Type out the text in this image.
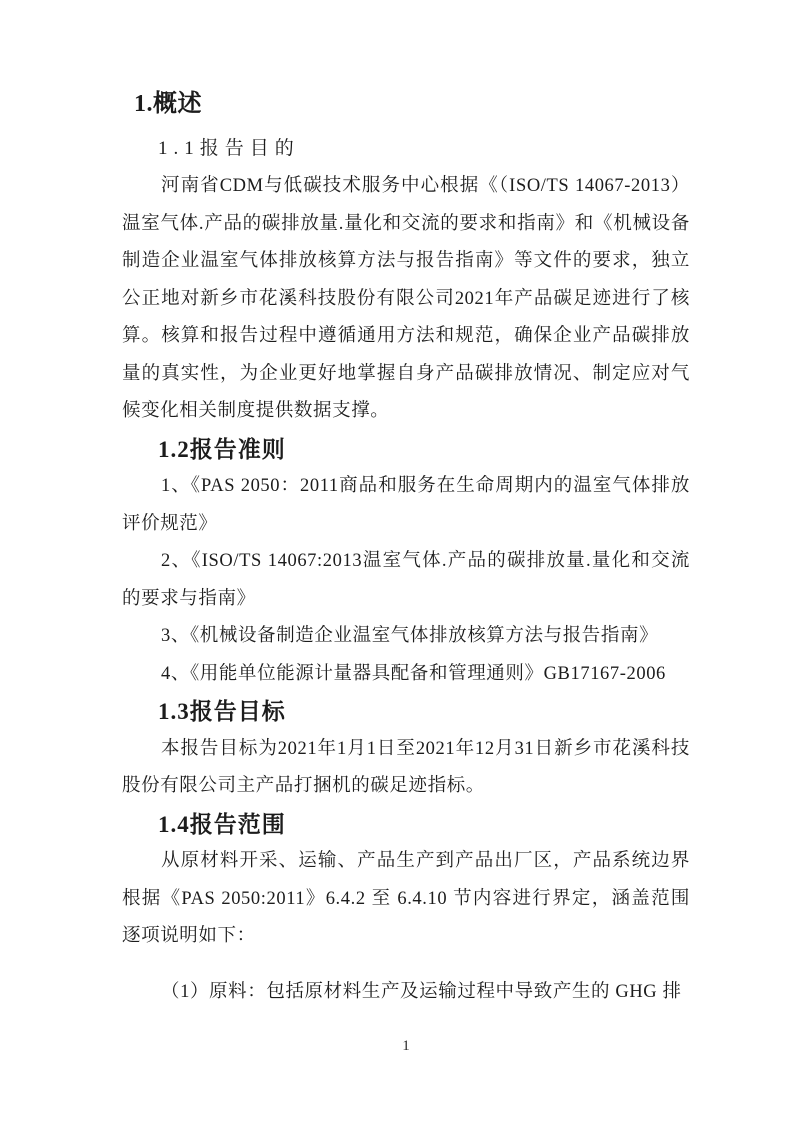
1.概述
1.1报告目的

河南省CDM与低碳技术服务中心根据《（ISO/TS 14067-2013）温室气体.产品的碳排放量.量化和交流的要求和指南》和《机械设备制造企业温室气体排放核算方法与报告指南》等文件的要求，独立公正地对新乡市花溪科技股份有限公司2021年产品碳足迹进行了核算。核算和报告过程中遵循通用方法和规范，确保企业产品碳排放量的真实性，为企业更好地掌握自身产品碳排放情况、制定应对气候变化相关制度提供数据支撑。

1.2报告准则

1、《PAS 2050：2011商品和服务在生命周期内的温室气体排放评价规范》

2、《ISO/TS 14067:2013温室气体.产品的碳排放量.量化和交流的要求与指南》

3、《机械设备制造企业温室气体排放核算方法与报告指南》

4、《用能单位能源计量器具配备和管理通则》GB17167-2006

1.3报告目标

本报告目标为2021年1月1日至2021年12月31日新乡市花溪科技股份有限公司主产品打捆机的碳足迹指标。

1.4报告范围

从原材料开采、运输、产品生产到产品出厂区，产品系统边界根据《PAS 2050:2011》6.4.2 至 6.4.10 节内容进行界定，涵盖范围逐项说明如下：

（1）原料：包括原材料生产及运输过程中导致产生的 GHG 排

1
